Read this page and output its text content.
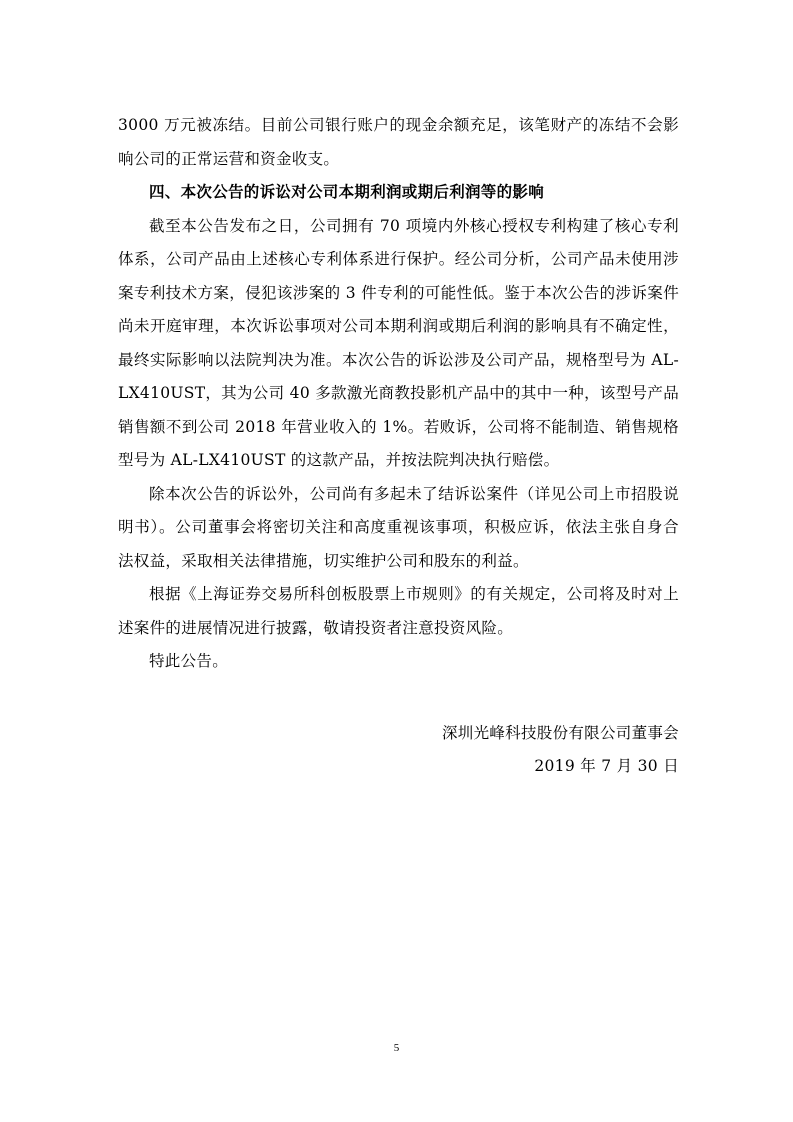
3000 万元被冻结。目前公司银行账户的现金余额充足，该笔财产的冻结不会影响公司的正常运营和资金收支。

四、本次公告的诉讼对公司本期利润或期后利润等的影响

截至本公告发布之日，公司拥有 70 项境内外核心授权专利构建了核心专利体系，公司产品由上述核心专利体系进行保护。经公司分析，公司产品未使用涉案专利技术方案，侵犯该涉案的 3 件专利的可能性低。鉴于本次公告的涉诉案件尚未开庭审理，本次诉讼事项对公司本期利润或期后利润的影响具有不确定性，最终实际影响以法院判决为准。本次公告的诉讼涉及公司产品，规格型号为 AL-LX410UST，其为公司 40 多款激光商教投影机产品中的其中一种，该型号产品销售额不到公司 2018 年营业收入的 1%。若败诉，公司将不能制造、销售规格型号为 AL-LX410UST 的这款产品，并按法院判决执行赔偿。

除本次公告的诉讼外，公司尚有多起未了结诉讼案件（详见公司上市招股说明书）。公司董事会将密切关注和高度重视该事项，积极应诉，依法主张自身合法权益，采取相关法律措施，切实维护公司和股东的利益。

根据《上海证券交易所科创板股票上市规则》的有关规定，公司将及时对上述案件的进展情况进行披露，敬请投资者注意投资风险。

特此公告。

深圳光峰科技股份有限公司董事会

2019 年 7 月 30 日

5
